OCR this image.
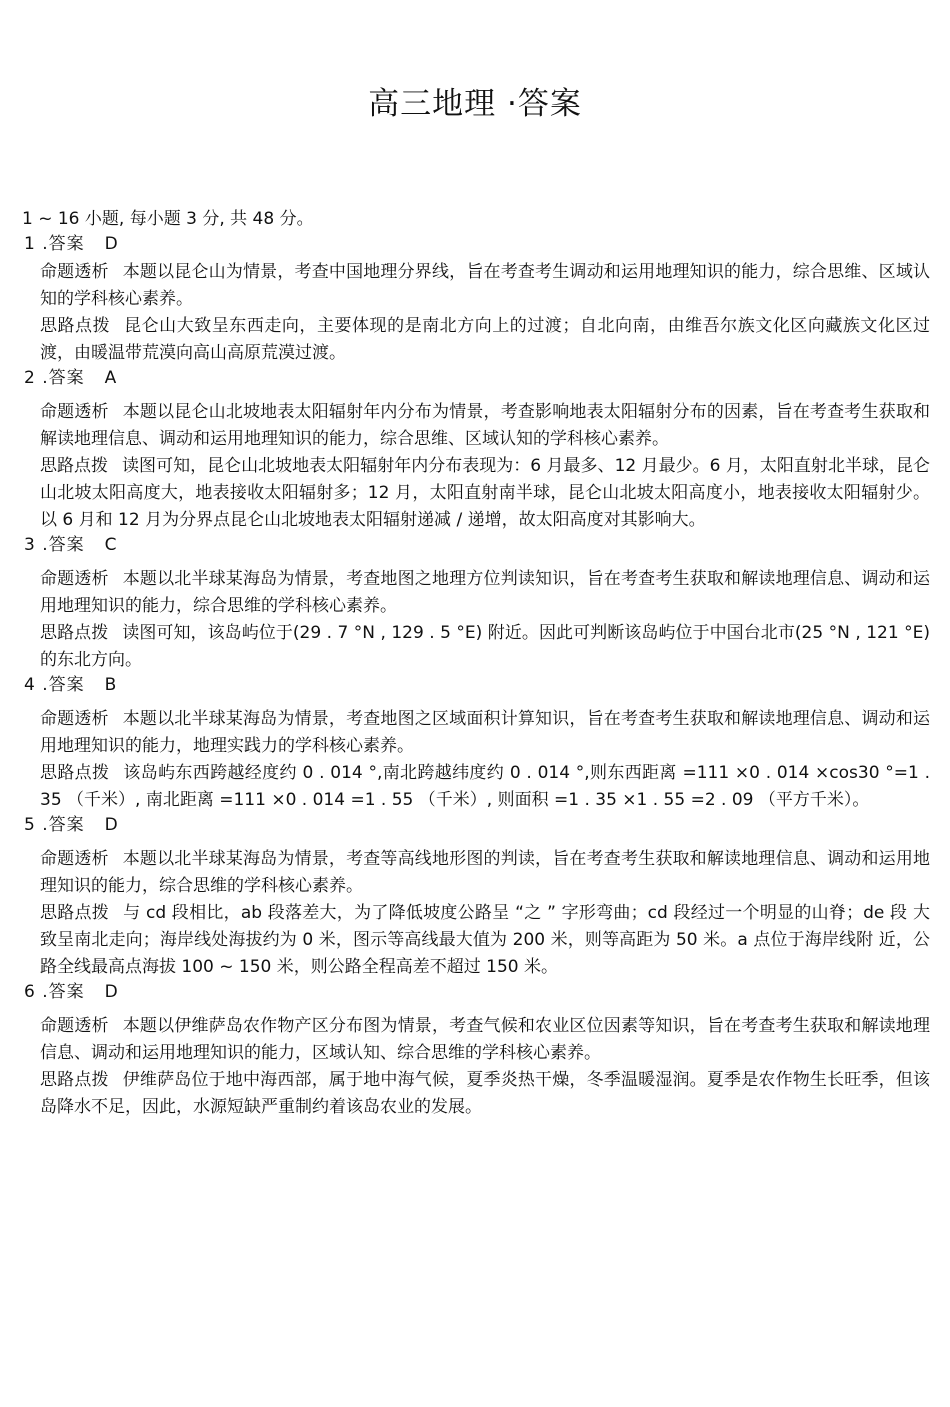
高三地理 ·答案
1 ~ 16 小题, 每小题 3 分, 共 48 分。
1 .答案 D
命题透析 本题以昆仑山为情景，考查中国地理分界线，旨在考查考生调动和运用地理知识的能力，综合思维、区域认知的学科核心素养。
思路点拨 昆仑山大致呈东西走向，主要体现的是南北方向上的过渡；自北向南，由维吾尔族文化区向藏族文化区过渡，由暖温带荒漠向高山高原荒漠过渡。
2 .答案 A
命题透析 本题以昆仑山北坡地表太阳辐射年内分布为情景，考查影响地表太阳辐射分布的因素，旨在考查考生获取和解读地理信息、调动和运用地理知识的能力，综合思维、区域认知的学科核心素养。
思路点拨 读图可知，昆仑山北坡地表太阳辐射年内分布表现为：6 月最多、12 月最少。6 月，太阳直射北半球，昆仑山北坡太阳高度大，地表接收太阳辐射多；12 月，太阳直射南半球，昆仑山北坡太阳高度小，地表接收太阳辐射少。以 6 月和 12 月为分界点昆仑山北坡地表太阳辐射递减 / 递增，故太阳高度对其影响大。
3 .答案 C
命题透析 本题以北半球某海岛为情景，考查地图之地理方位判读知识，旨在考查考生获取和解读地理信息、调动和运用地理知识的能力，综合思维的学科核心素养。
思路点拨 读图可知，该岛屿位于(29 . 7 °N , 129 . 5 °E) 附近。因此可判断该岛屿位于中国台北市(25 °N , 121 °E) 的东北方向。
4 .答案 B
命题透析 本题以北半球某海岛为情景，考查地图之区域面积计算知识，旨在考查考生获取和解读地理信息、调动和运用地理知识的能力，地理实践力的学科核心素养。
思路点拨 该岛屿东西跨越经度约 0 . 014 °,南北跨越纬度约 0 . 014 °,则东西距离 =111 ×0 . 014 ×cos30 °=1 . 35 （千米）, 南北距离 =111 ×0 . 014 =1 . 55 （千米）, 则面积 =1 . 35 ×1 . 55 =2 . 09 （平方千米）。
5 .答案 D
命题透析 本题以北半球某海岛为情景，考查等高线地形图的判读，旨在考查考生获取和解读地理信息、调动和运用地理知识的能力，综合思维的学科核心素养。
思路点拨 与 cd 段相比，ab 段落差大，为了降低坡度公路呈 “之 ” 字形弯曲；cd 段经过一个明显的山脊；de 段 大致呈南北走向；海岸线处海拔约为 0 米，图示等高线最大值为 200 米，则等高距为 50 米。a 点位于海岸线附 近，公路全线最高点海拔 100 ~ 150 米，则公路全程高差不超过 150 米。
6 .答案 D
命题透析 本题以伊维萨岛农作物产区分布图为情景，考查气候和农业区位因素等知识，旨在考查考生获取和解读地理信息、调动和运用地理知识的能力，区域认知、综合思维的学科核心素养。
思路点拨 伊维萨岛位于地中海西部，属于地中海气候，夏季炎热干燥，冬季温暖湿润。夏季是农作物生长旺季，但该岛降水不足，因此，水源短缺严重制约着该岛农业的发展。
